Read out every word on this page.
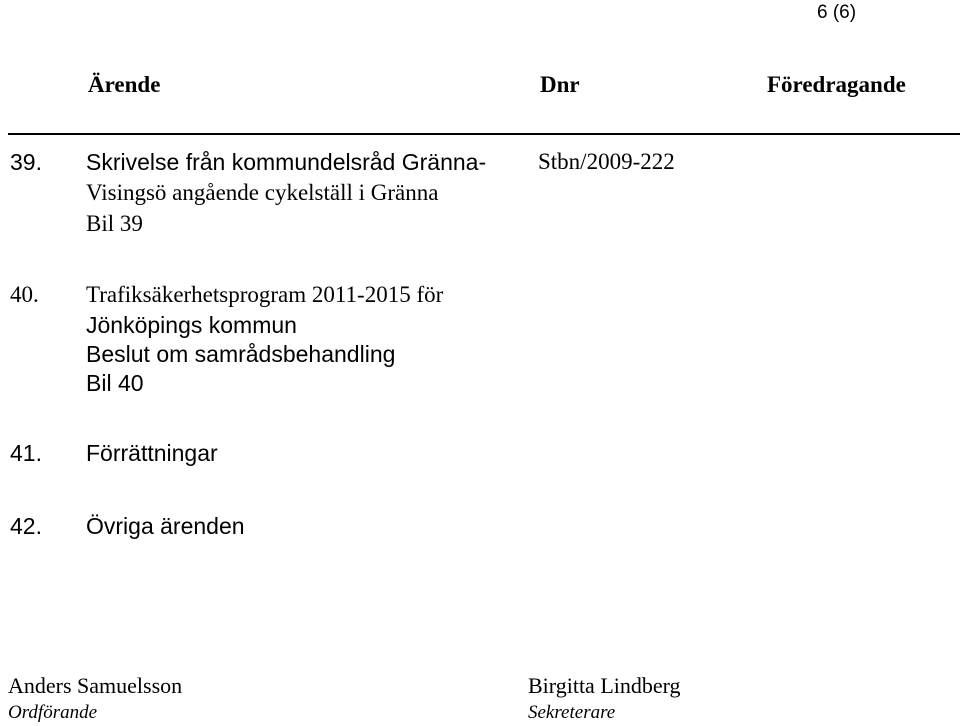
6 (6)
Ärende	Dnr	Föredragande
39. Skrivelse från kommundelsråd Gränna-
Visingsö angående cykelställ i Gränna
Bil 39
Stbn/2009-222
40. Trafiksäkerhetsprogram 2011-2015 för
Jönköpings kommun
Beslut om samrådsbehandling
Bil 40
41. Förrättningar
42. Övriga ärenden
Anders Samuelsson
Ordförande
Birgitta Lindberg
Sekreterare
